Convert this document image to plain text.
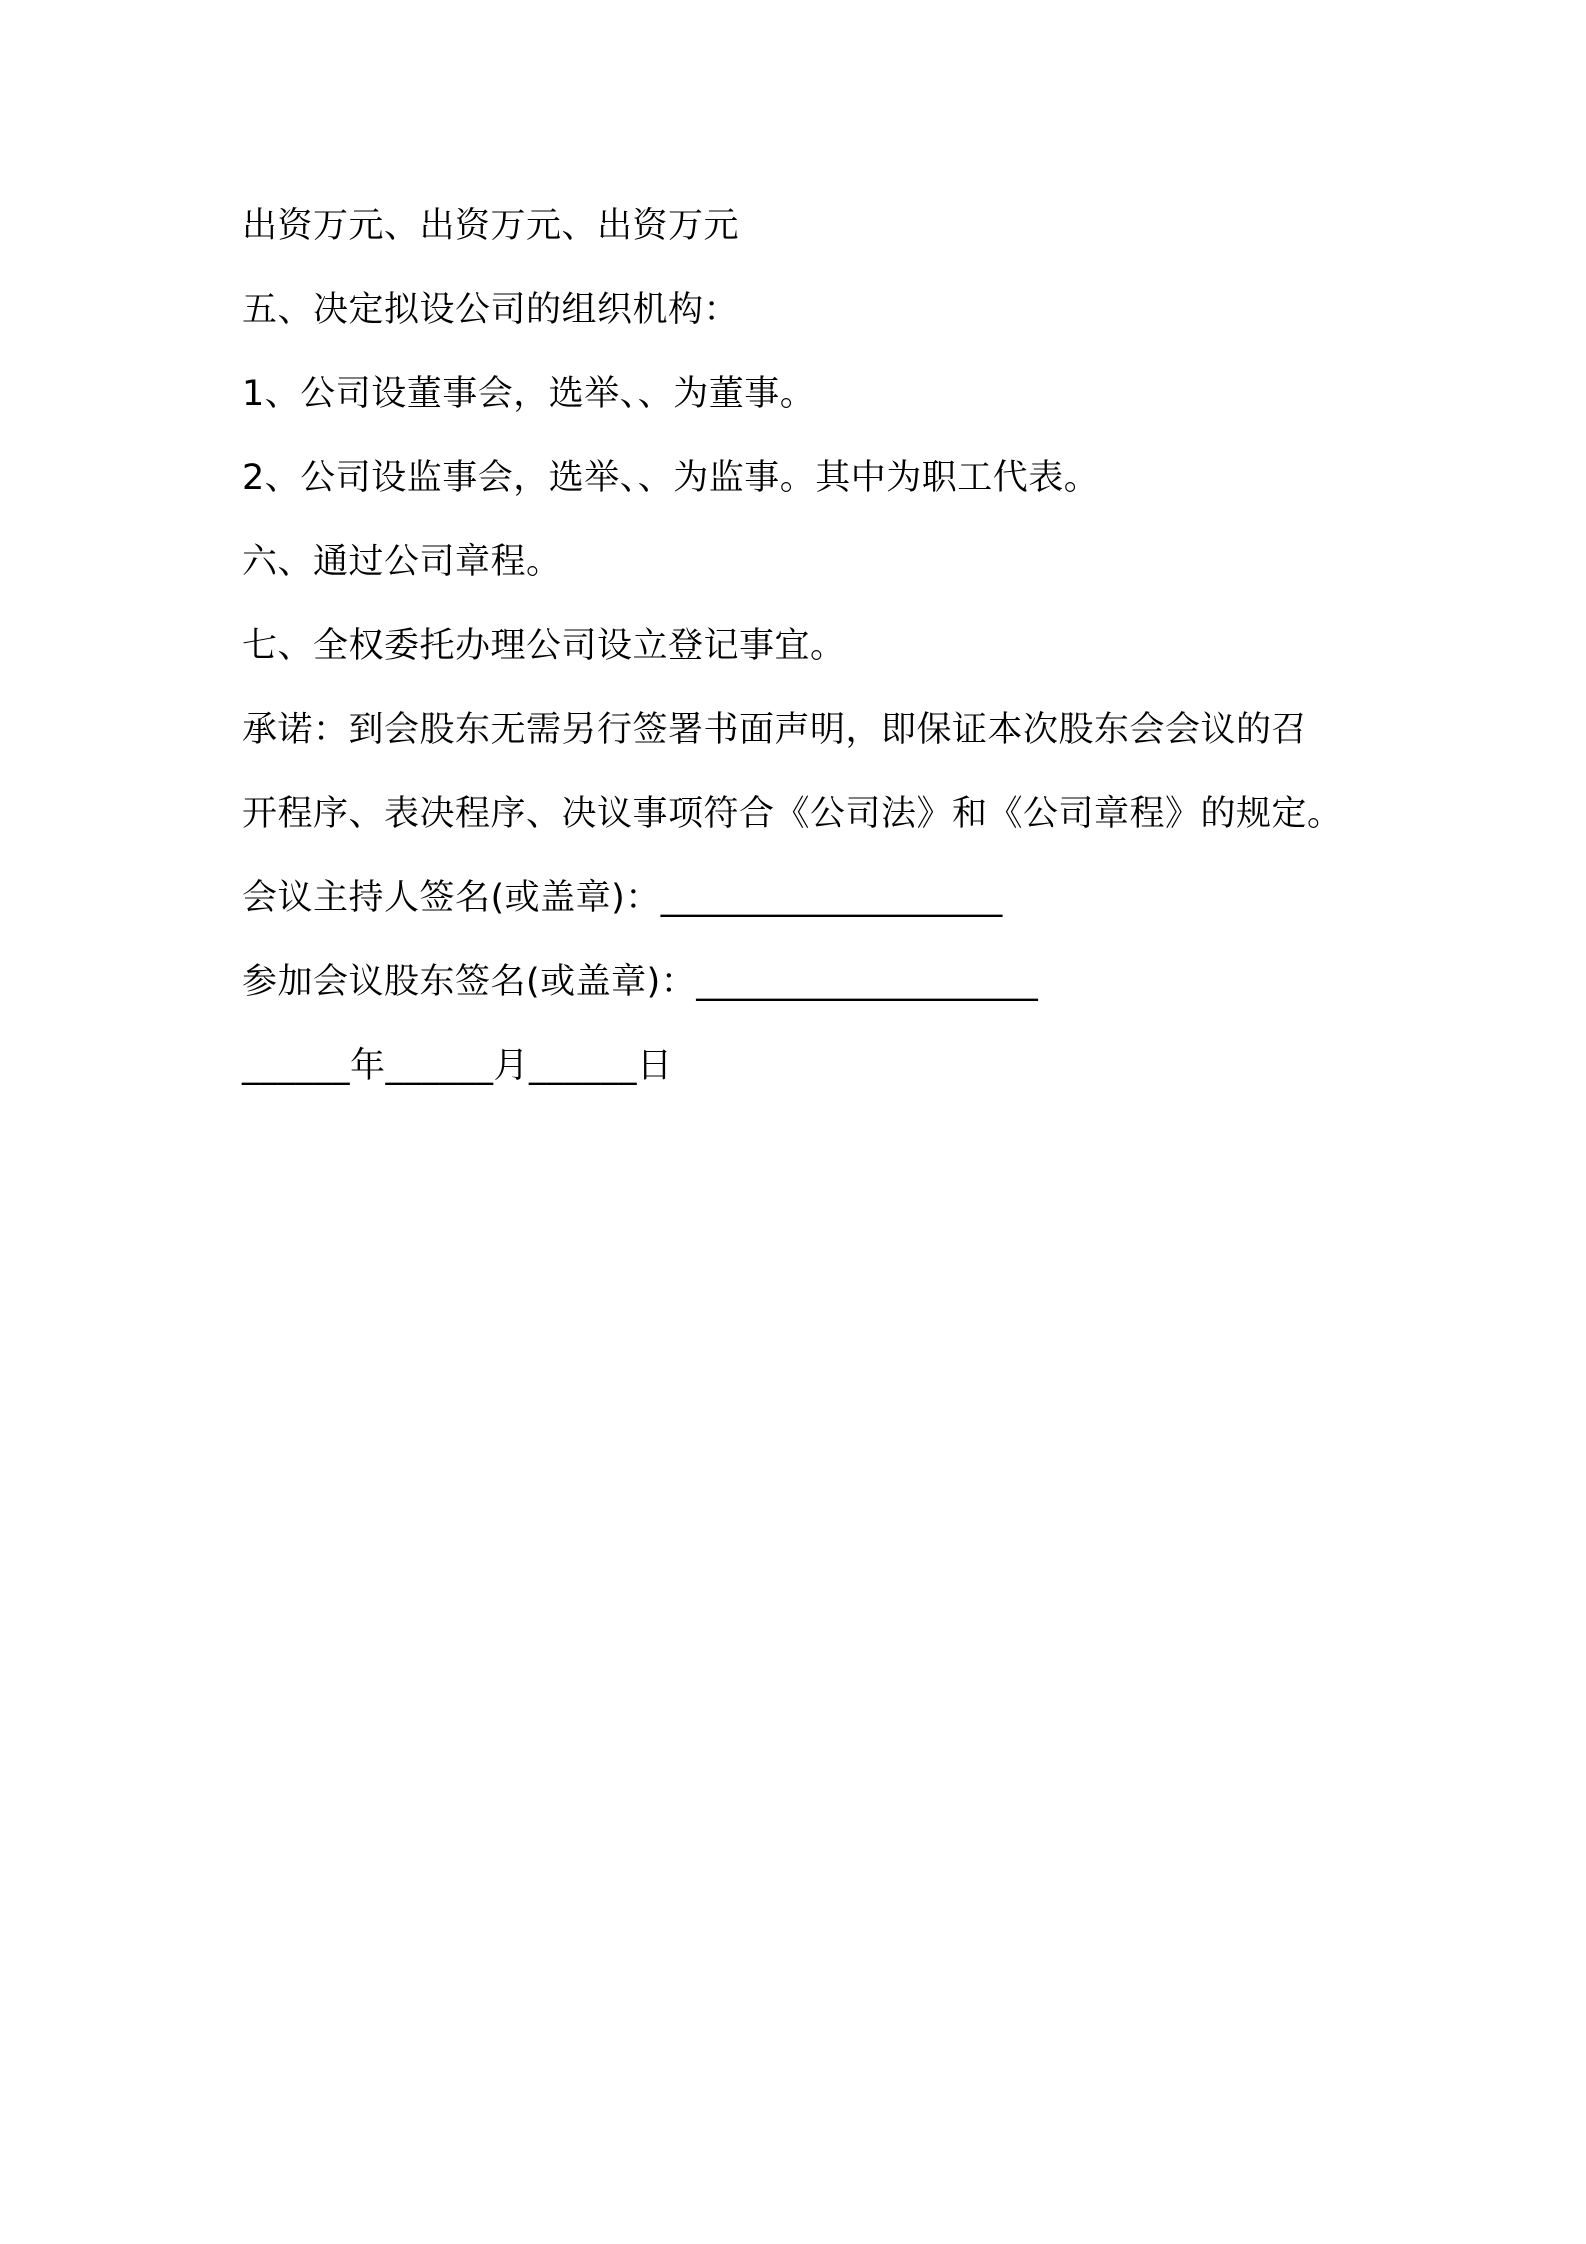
出资万元、出资万元、出资万元
五、决定拟设公司的组织机构：
1、公司设董事会，选举、、为董事。
2、公司设监事会，选举、、为监事。其中为职工代表。
六、通过公司章程。
七、全权委托办理公司设立登记事宜。
承诺：到会股东无需另行签署书面声明，即保证本次股东会会议的召
开程序、表决程序、决议事项符合《公司法》和《公司章程》的规定。
会议主持人签名(或盖章)：___________________
参加会议股东签名(或盖章)：___________________
______年______月______日
